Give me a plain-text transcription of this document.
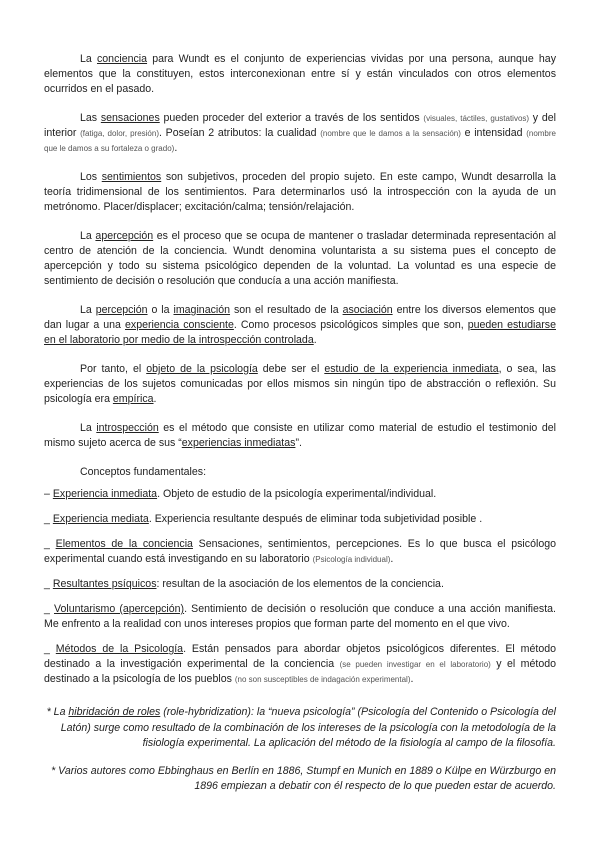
La conciencia para Wundt es el conjunto de experiencias vividas por una persona, aunque hay elementos que la constituyen, estos interconexionan entre sí y están vinculados con otros elementos ocurridos en el pasado.

Las sensaciones pueden proceder del exterior a través de los sentidos (visuales, táctiles, gustativos) y del interior (fatiga, dolor, presión). Poseían 2 atributos: la cualidad (nombre que le damos a la sensación) e intensidad (nombre que le damos a su fortaleza o grado).

Los sentimientos son subjetivos, proceden del propio sujeto. En este campo, Wundt desarrolla la teoría tridimensional de los sentimientos. Para determinarlos usó la introspección con la ayuda de un metrónomo. Placer/displacer; excitación/calma; tensión/relajación.

La apercepción es el proceso que se ocupa de mantener o trasladar determinada representación al centro de atención de la conciencia. Wundt denomina voluntarista a su sistema pues el concepto de apercepción y todo su sistema psicológico dependen de la voluntad. La voluntad es una especie de sentimiento de decisión o resolución que conducía a una acción manifiesta.

La percepción o la imaginación son el resultado de la asociación entre los diversos elementos que dan lugar a una experiencia consciente. Como procesos psicológicos simples que son, pueden estudiarse en el laboratorio por medio de la introspección controlada.

Por tanto, el objeto de la psicología debe ser el estudio de la experiencia inmediata, o sea, las experiencias de los sujetos comunicadas por ellos mismos sin ningún tipo de abstracción o reflexión. Su psicología era empírica.

La introspección es el método que consiste en utilizar como material de estudio el testimonio del mismo sujeto acerca de sus “experiencias inmediatas”.

Conceptos fundamentales:

– Experiencia inmediata. Objeto de estudio de la psicología experimental/individual.

_ Experiencia mediata. Experiencia resultante después de eliminar toda subjetividad posible .

_ Elementos de la conciencia Sensaciones, sentimientos, percepciones. Es lo que busca el psicólogo experimental cuando está investigando en su laboratorio (Psicología individual).

_ Resultantes psíquicos: resultan de la asociación de los elementos de la conciencia.

_ Voluntarismo (apercepción). Sentimiento de decisión o resolución que conduce a una acción manifiesta. Me enfrento a la realidad con unos intereses propios que forman parte del momento en el que vivo.

_ Métodos de la Psicología. Están pensados para abordar objetos psicológicos diferentes. El método destinado a la investigación experimental de la conciencia (se pueden investigar en el laboratorio) y el método destinado a la psicología de los pueblos (no son susceptibles de indagación experimental).

* La hibridación de roles (role-hybridization): la “nueva psicología” (Psicología del Contenido o Psicología del Latón) surge como resultado de la combinación de los intereses de la psicología con la metodología de la fisiología experimental. La aplicación del método de la fisiología al campo de la filosofía.

* Varios autores como Ebbinghaus en Berlín en 1886, Stumpf en Munich en 1889 o Külpe en Würzburgo en 1896 empiezan a debatir con él respecto de lo que pueden estar de acuerdo.
